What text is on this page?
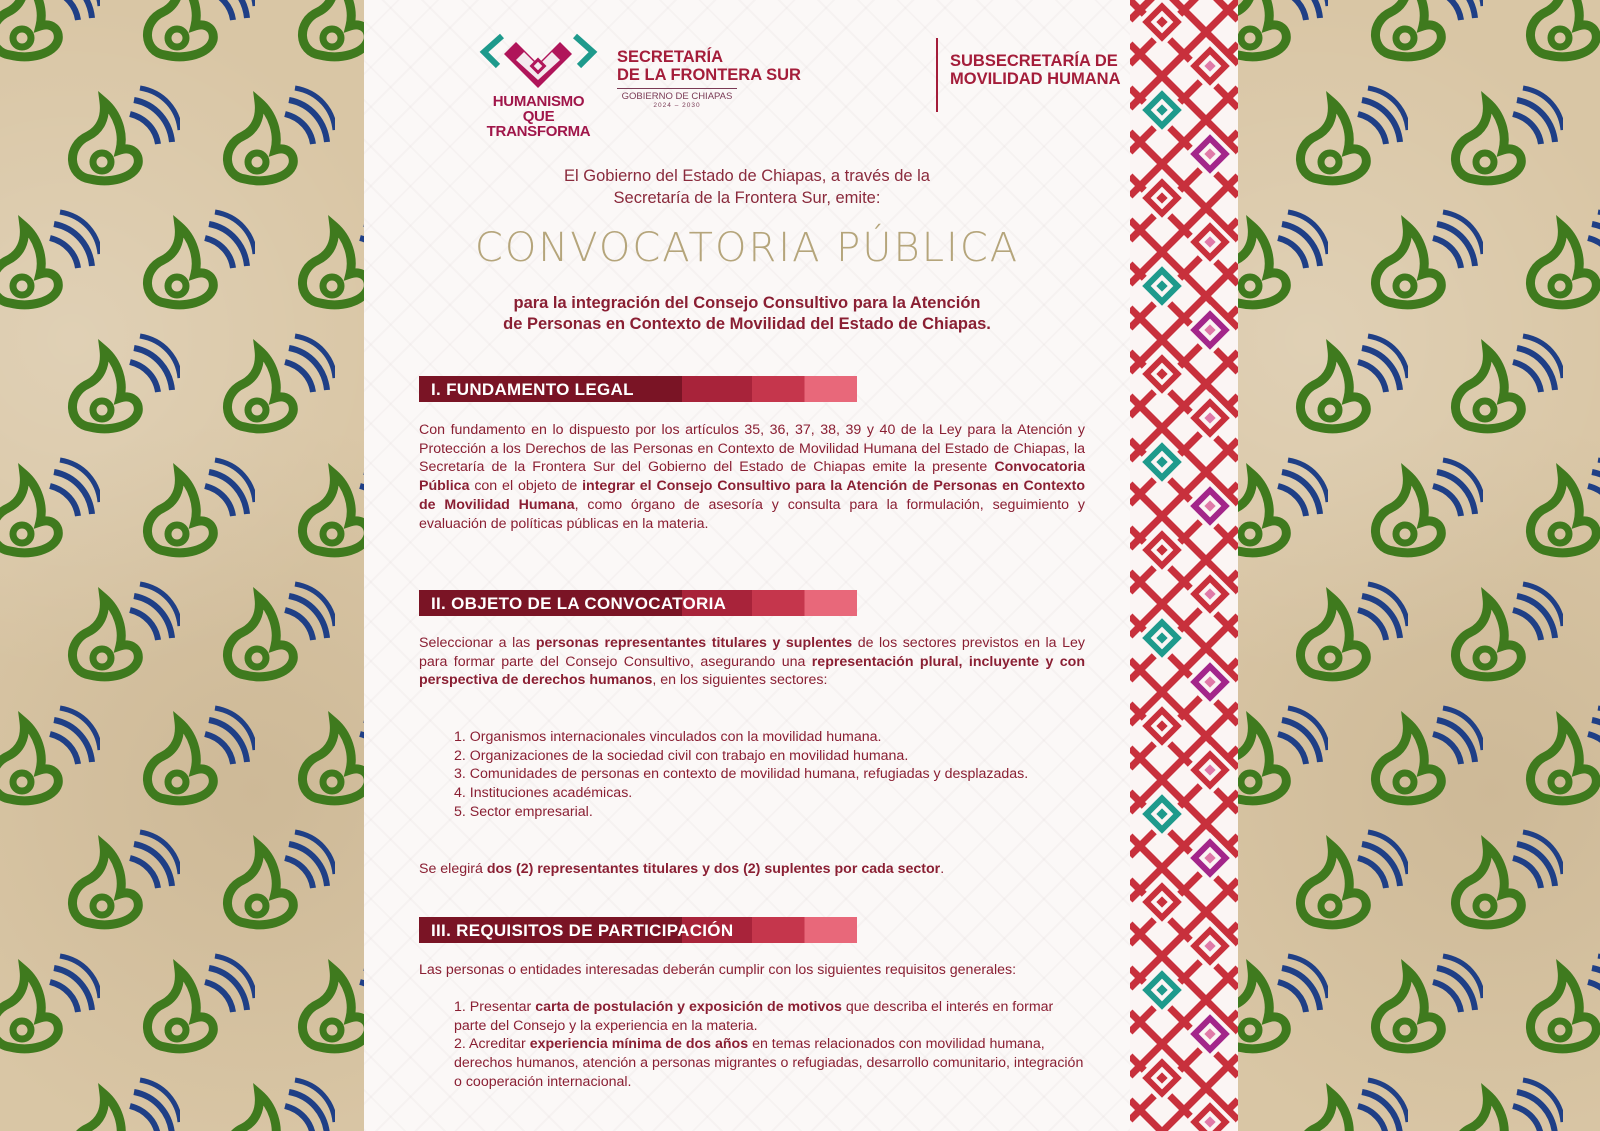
HUMANISMO QUE TRANSFORMA
SECRETARÍA
DE LA FRONTERA SUR
GOBIERNO DE CHIAPAS
2024 – 2030
SUBSECRETARÍA DE
MOVILIDAD HUMANA
El Gobierno del Estado de Chiapas, a través de la
Secretaría de la Frontera Sur, emite:
CONVOCATORIA PÚBLICA
para la integración del Consejo Consultivo para la Atención
de Personas en Contexto de Movilidad del Estado de Chiapas.
I. FUNDAMENTO LEGAL
Con fundamento en lo dispuesto por los artículos 35, 36, 37, 38, 39 y 40 de la Ley para la Atención y Protección a los Derechos de las Personas en Contexto de Movilidad Humana del Estado de Chiapas, la Secretaría de la Frontera Sur del Gobierno del Estado de Chiapas emite la presente Convocatoria Pública con el objeto de integrar el Consejo Consultivo para la Atención de Personas en Contexto de Movilidad Humana, como órgano de asesoría y consulta para la formulación, seguimiento y evaluación de políticas públicas en la materia.
II. OBJETO DE LA CONVOCATORIA
Seleccionar a las personas representantes titulares y suplentes de los sectores previstos en la Ley para formar parte del Consejo Consultivo, asegurando una representación plural, incluyente y con perspectiva de derechos humanos, en los siguientes sectores:
1. Organismos internacionales vinculados con la movilidad humana.
2. Organizaciones de la sociedad civil con trabajo en movilidad humana.
3. Comunidades de personas en contexto de movilidad humana, refugiadas y desplazadas.
4. Instituciones académicas.
5. Sector empresarial.
Se elegirá dos (2) representantes titulares y dos (2) suplentes por cada sector.
III. REQUISITOS DE PARTICIPACIÓN
Las personas o entidades interesadas deberán cumplir con los siguientes requisitos generales:
1. Presentar carta de postulación y exposición de motivos que describa el interés en formar parte del Consejo y la experiencia en la materia.
2. Acreditar experiencia mínima de dos años en temas relacionados con movilidad humana, derechos humanos, atención a personas migrantes o refugiadas, desarrollo comunitario, integración o cooperación internacional.
